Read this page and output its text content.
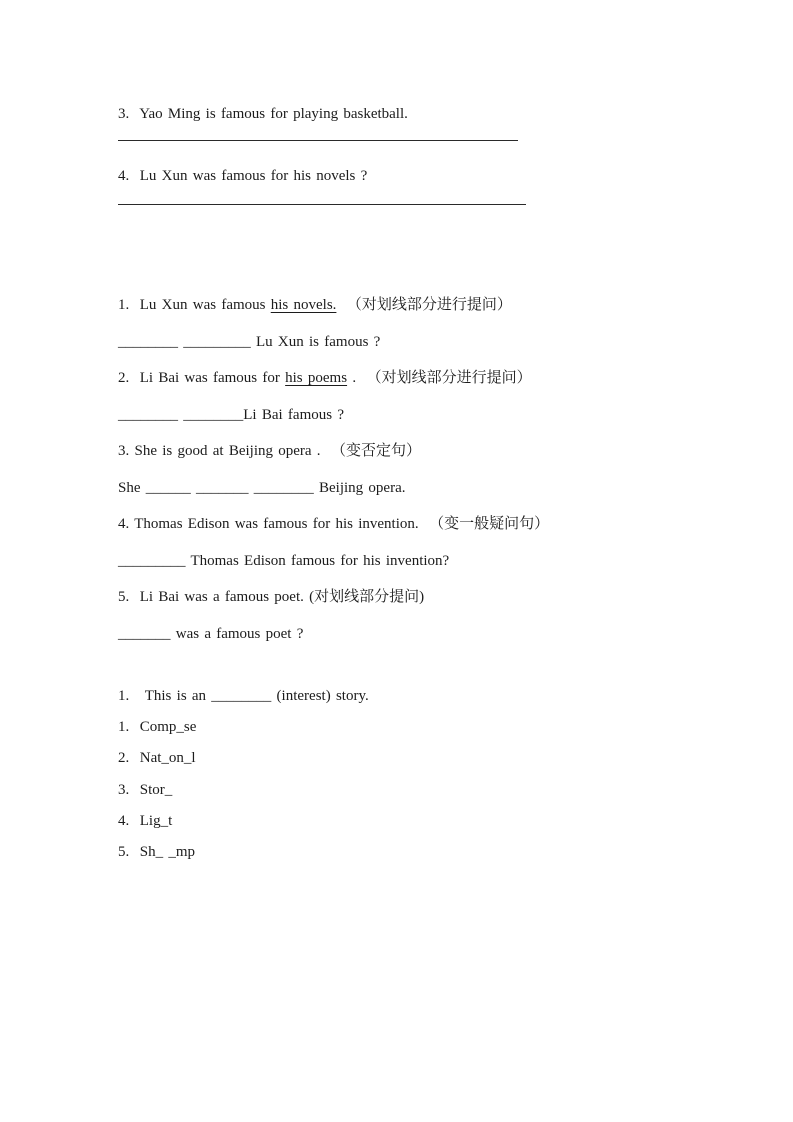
3.  Yao Ming is famous for playing basketball.
4.  Lu Xun was famous for his novels ?
1.  Lu Xun was famous his novels.  （对划线部分进行提问）
________ _________ Lu Xun is famous ?
2.  Li Bai was famous for his poems .  （对划线部分进行提问）
________ ________Li Bai famous ?
3. She is good at Beijing opera .  （变否定句）
She ______ _______ ________ Beijing opera.
4. Thomas Edison was famous for his invention.  （变一般疑问句）
_________ Thomas Edison famous for his invention?
5.  Li Bai was a famous poet. (对划线部分提问)
_______ was a famous poet ?
1.   This is an ________ (interest) story.
1.  Comp_se
2.  Nat_on_l
3.  Stor_
4.  Lig_t
5.  Sh_ _mp
